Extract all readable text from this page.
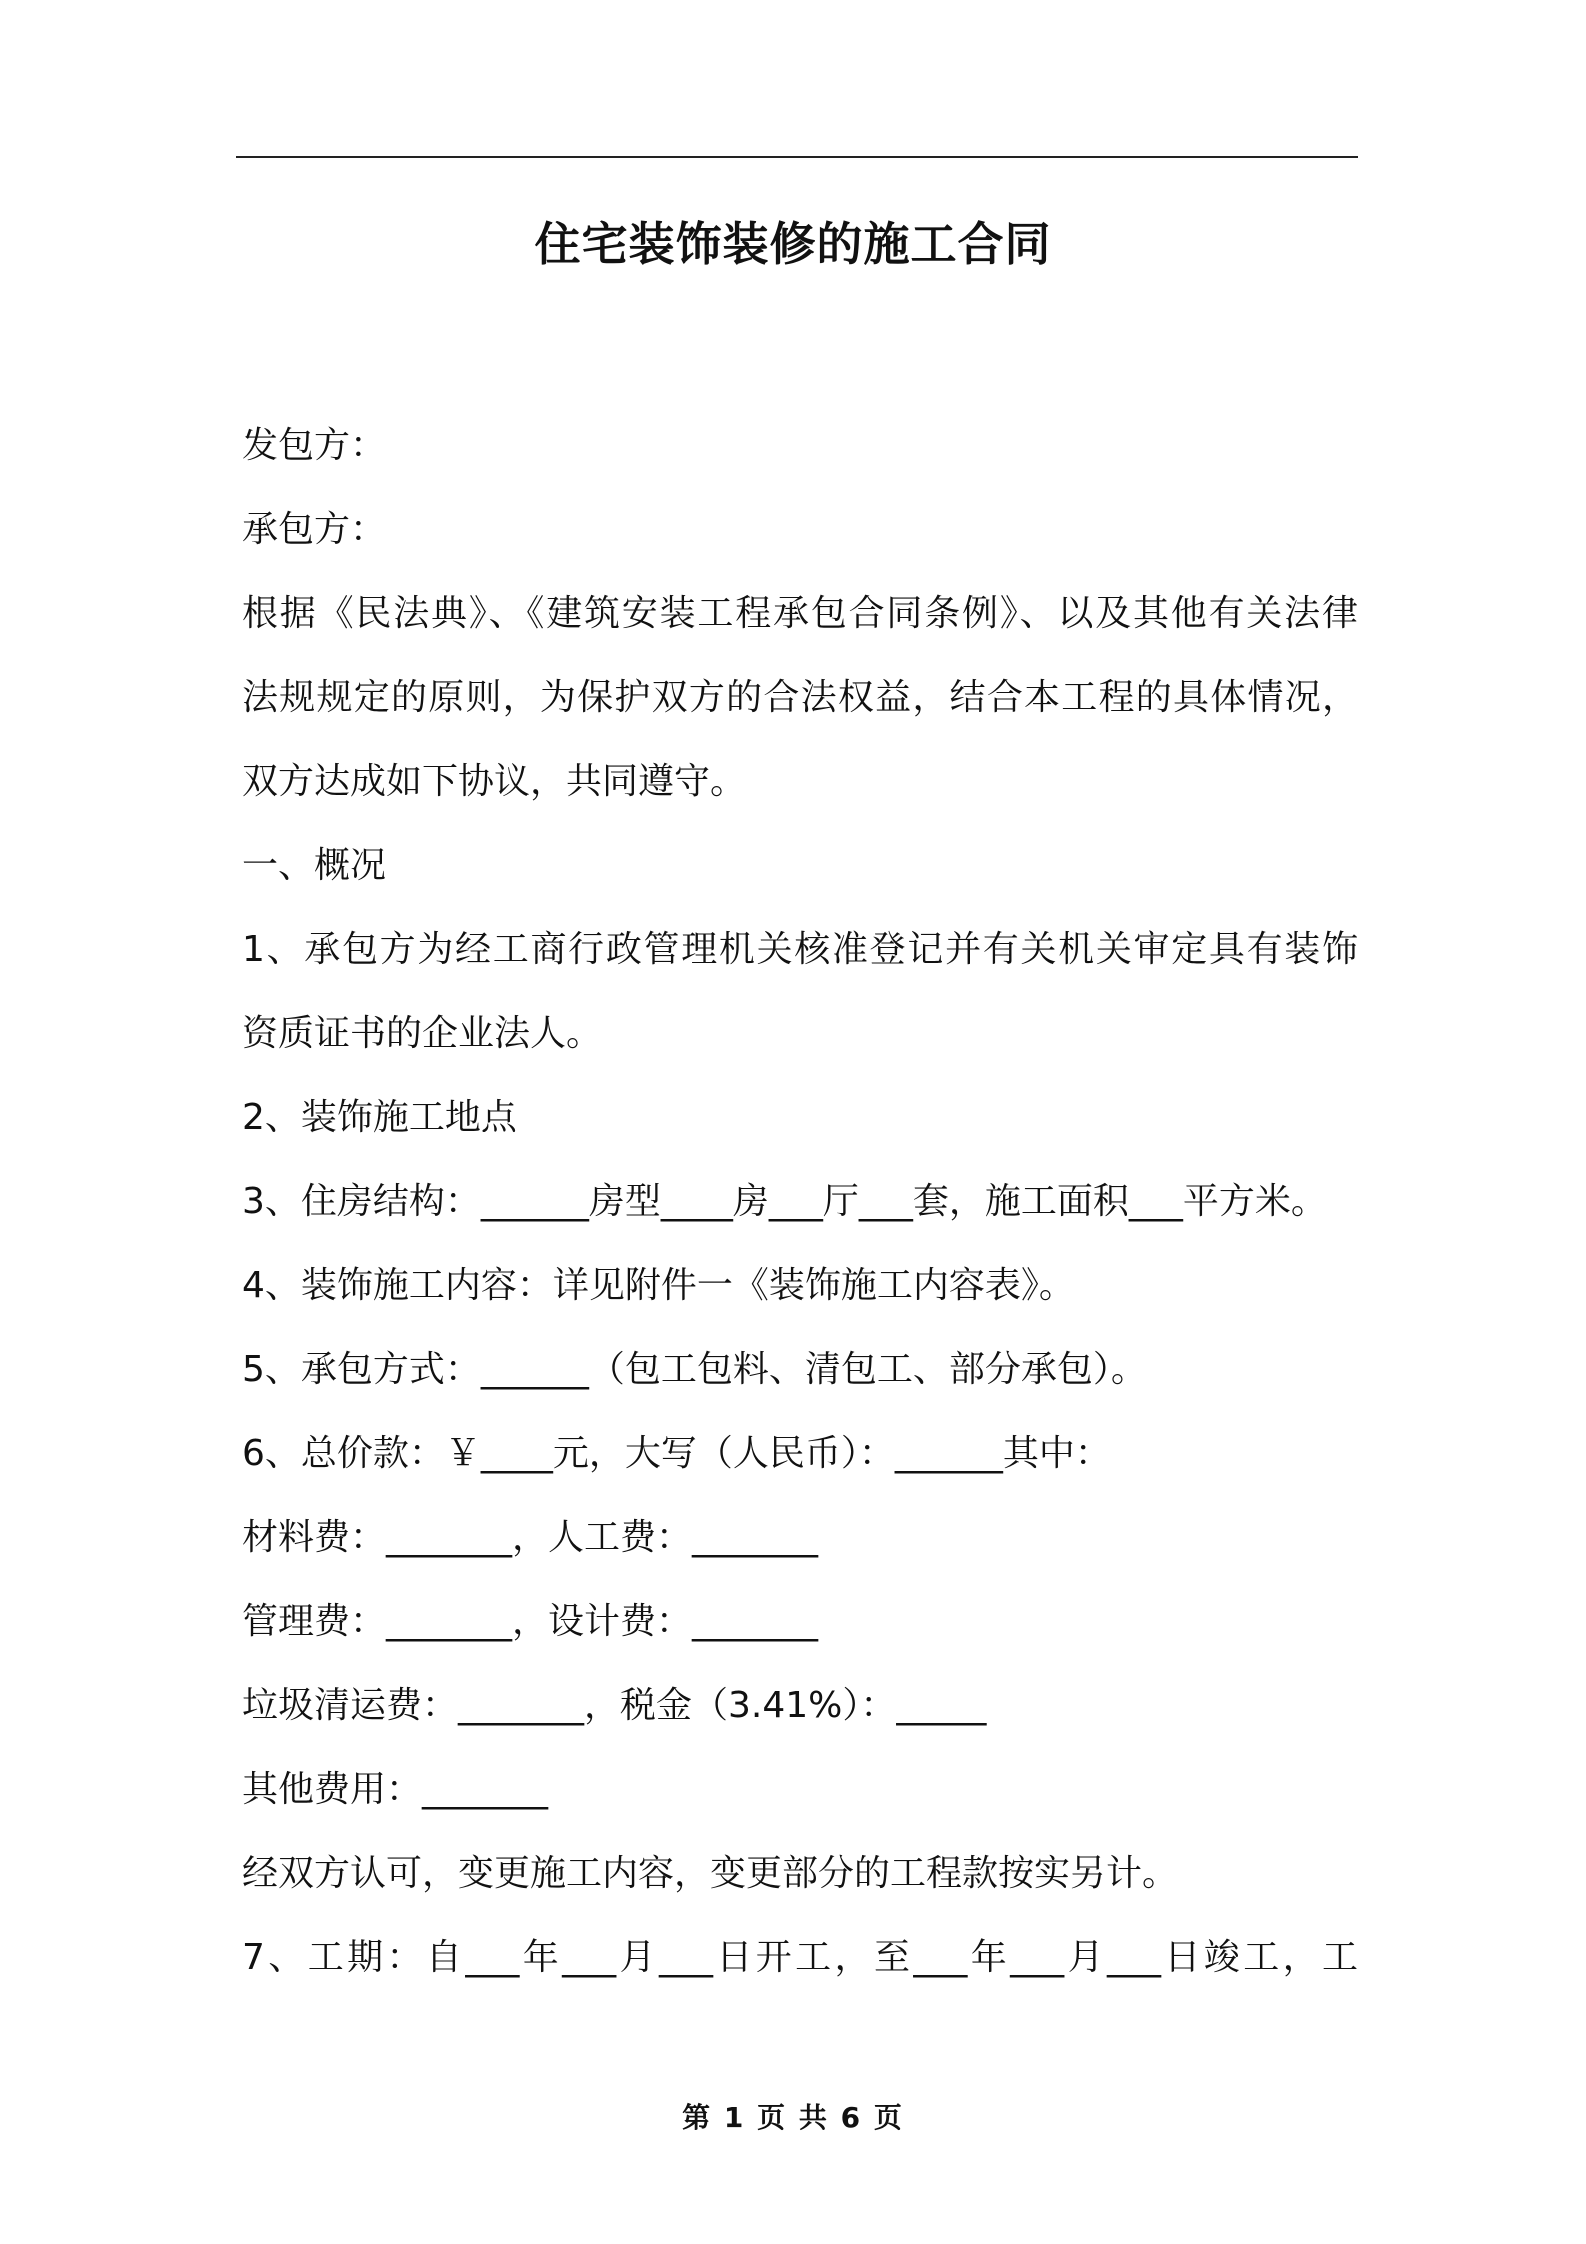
住宅装饰装修的施工合同
发包方：
承包方：
根据《民法典》、《建筑安装工程承包合同条例》、以及其他有关法律
法规规定的原则，为保护双方的合法权益，结合本工程的具体情况，
双方达成如下协议，共同遵守。
一、概况
1、承包方为经工商行政管理机关核准登记并有关机关审定具有装饰
资质证书的企业法人。
2、装饰施工地点
3、住房结构：______房型____房___厅___套，施工面积___平方米。
4、装饰施工内容：详见附件一《装饰施工内容表》。
5、承包方式：______（包工包料、清包工、部分承包）。
6、总价款：￥____元，大写（人民币）：______其中：
材料费：_______，人工费：_______
管理费：_______，设计费：_______
垃圾清运费：_______，税金（3.41%）：_____
其他费用：_______
经双方认可，变更施工内容，变更部分的工程款按实另计。
7、工期：自___年___月___日开工，至___年___月___日竣工，工
第 1 页 共 6 页
